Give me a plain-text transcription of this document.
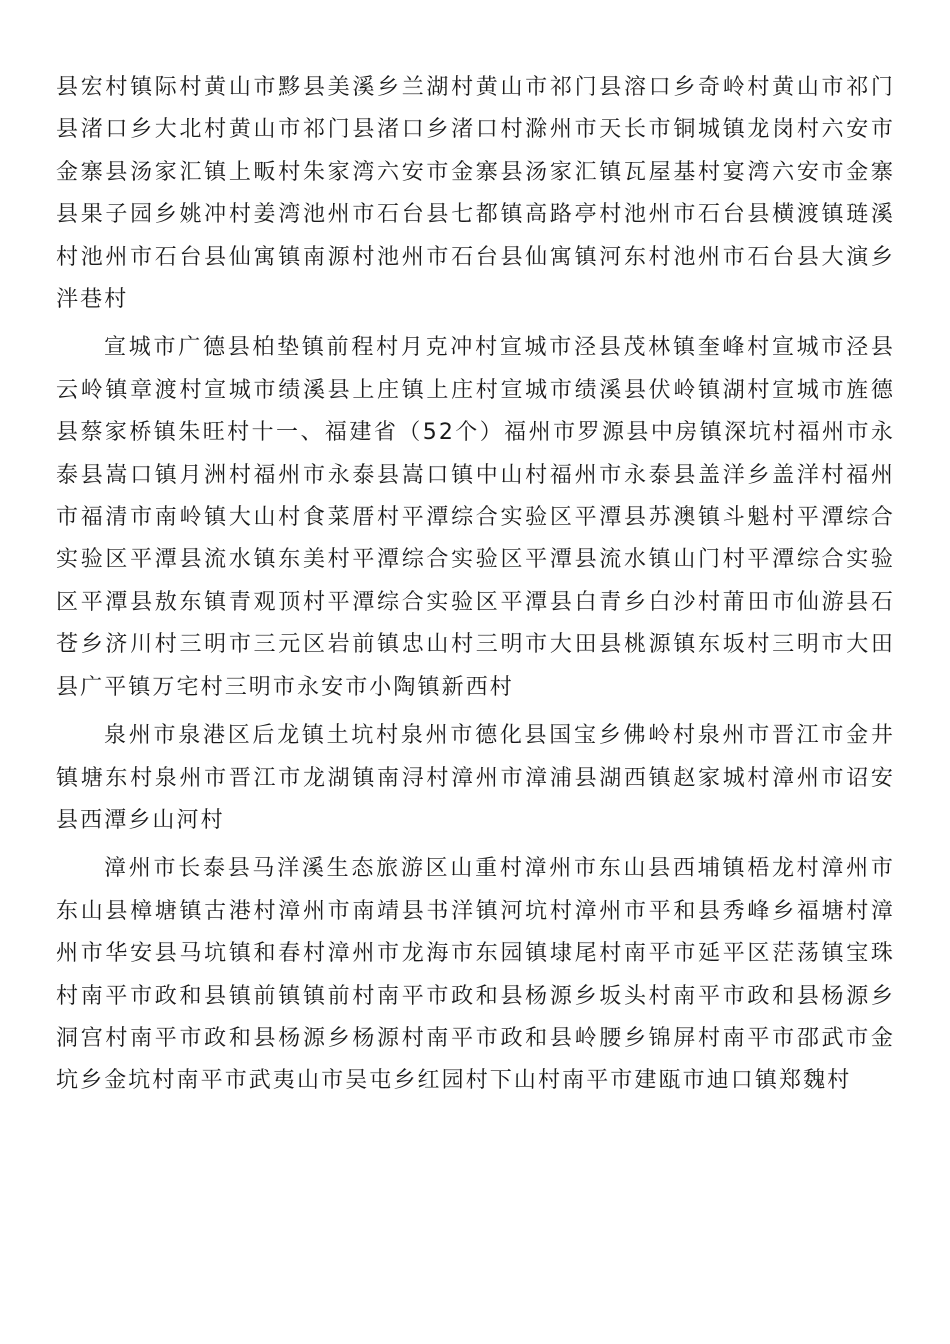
县宏村镇际村黄山市黟县美溪乡兰湖村黄山市祁门县溶口乡奇岭村黄山市祁门县渚口乡大北村黄山市祁门县渚口乡渚口村滁州市天长市铜城镇龙岗村六安市金寨县汤家汇镇上畈村朱家湾六安市金寨县汤家汇镇瓦屋基村宴湾六安市金寨县果子园乡姚冲村姜湾池州市石台县七都镇高路亭村池州市石台县横渡镇琏溪村池州市石台县仙寓镇南源村池州市石台县仙寓镇河东村池州市石台县大演乡泮巷村

宣城市广德县柏垫镇前程村月克冲村宣城市泾县茂林镇奎峰村宣城市泾县云岭镇章渡村宣城市绩溪县上庄镇上庄村宣城市绩溪县伏岭镇湖村宣城市旌德县蔡家桥镇朱旺村十一、福建省（52个）福州市罗源县中房镇深坑村福州市永泰县嵩口镇月洲村福州市永泰县嵩口镇中山村福州市永泰县盖洋乡盖洋村福州市福清市南岭镇大山村食菜厝村平潭综合实验区平潭县苏澳镇斗魁村平潭综合实验区平潭县流水镇东美村平潭综合实验区平潭县流水镇山门村平潭综合实验区平潭县敖东镇青观顶村平潭综合实验区平潭县白青乡白沙村莆田市仙游县石苍乡济川村三明市三元区岩前镇忠山村三明市大田县桃源镇东坂村三明市大田县广平镇万宅村三明市永安市小陶镇新西村

泉州市泉港区后龙镇土坑村泉州市德化县国宝乡佛岭村泉州市晋江市金井镇塘东村泉州市晋江市龙湖镇南浔村漳州市漳浦县湖西镇赵家城村漳州市诏安县西潭乡山河村

漳州市长泰县马洋溪生态旅游区山重村漳州市东山县西埔镇梧龙村漳州市东山县樟塘镇古港村漳州市南靖县书洋镇河坑村漳州市平和县秀峰乡福塘村漳州市华安县马坑镇和春村漳州市龙海市东园镇埭尾村南平市延平区茫荡镇宝珠村南平市政和县镇前镇镇前村南平市政和县杨源乡坂头村南平市政和县杨源乡洞宫村南平市政和县杨源乡杨源村南平市政和县岭腰乡锦屏村南平市邵武市金坑乡金坑村南平市武夷山市吴屯乡红园村下山村南平市建瓯市迪口镇郑魏村
